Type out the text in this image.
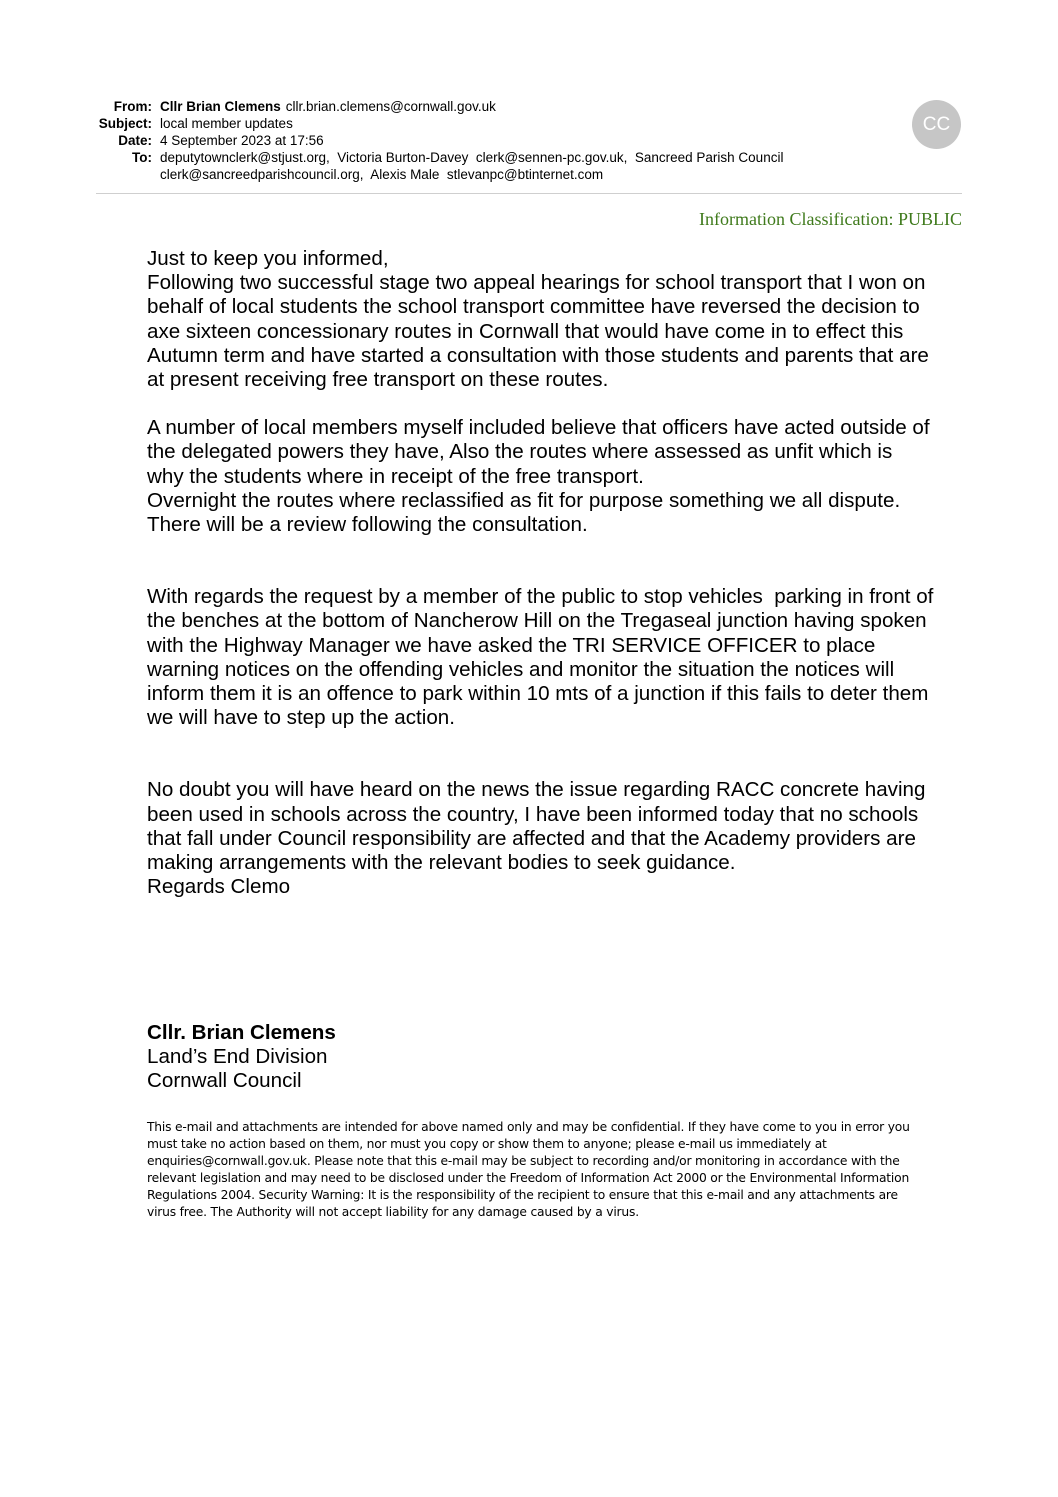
From: Cllr Brian Clemens cllr.brian.clemens@cornwall.gov.uk
Subject: local member updates
Date: 4 September 2023 at 17:56
To: deputytownclerk@stjust.org,  Victoria Burton-Davey  clerk@sennen-pc.gov.uk,  Sancreed Parish Council
clerk@sancreedparishcouncil.org,  Alexis Male  stlevanpc@btinternet.com
CC
Information Classification: PUBLIC

Just to keep you informed,
Following two successful stage two appeal hearings for school transport that I won on
behalf of local students the school transport committee have reversed the decision to
axe sixteen concessionary routes in Cornwall that would have come in to effect this
Autumn term and have started a consultation with those students and parents that are
at present receiving free transport on these routes.

A number of local members myself included believe that officers have acted outside of
the delegated powers they have, Also the routes where assessed as unfit which is
why the students where in receipt of the free transport.
Overnight the routes where reclassified as fit for purpose something we all dispute.
There will be a review following the consultation.

With regards the request by a member of the public to stop vehicles  parking in front of
the benches at the bottom of Nancherow Hill on the Tregaseal junction having spoken
with the Highway Manager we have asked the TRI SERVICE OFFICER to place
warning notices on the offending vehicles and monitor the situation the notices will
inform them it is an offence to park within 10 mts of a junction if this fails to deter them
we will have to step up the action.

No doubt you will have heard on the news the issue regarding RACC concrete having
been used in schools across the country, I have been informed today that no schools
that fall under Council responsibility are affected and that the Academy providers are
making arrangements with the relevant bodies to seek guidance.
Regards Clemo

Cllr. Brian Clemens
Land’s End Division
Cornwall Council
This e-mail and attachments are intended for above named only and may be confidential. If they have come to you in error you
must take no action based on them, nor must you copy or show them to anyone; please e-mail us immediately at
enquiries@cornwall.gov.uk. Please note that this e-mail may be subject to recording and/or monitoring in accordance with the
relevant legislation and may need to be disclosed under the Freedom of Information Act 2000 or the Environmental Information
Regulations 2004. Security Warning: It is the responsibility of the recipient to ensure that this e-mail and any attachments are
virus free. The Authority will not accept liability for any damage caused by a virus.
